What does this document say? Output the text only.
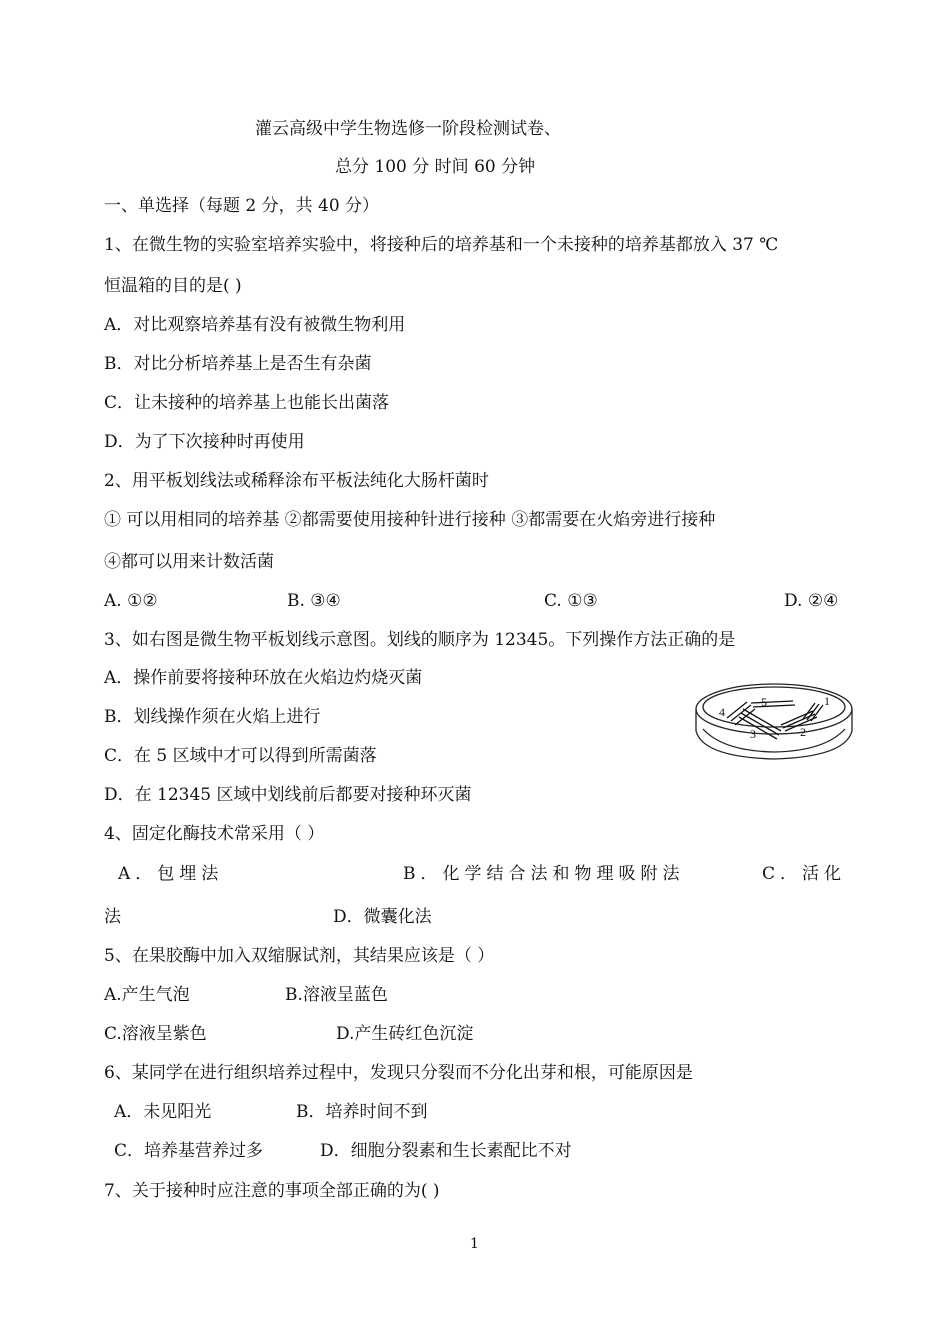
灌云高级中学生物选修一阶段检测试卷、
总分 100 分 时间 60 分钟
一、单选择（每题 2 分，共 40 分）
1、在微生物的实验室培养实验中，将接种后的培养基和一个未接种的培养基都放入 37 ℃
恒温箱的目的是( )
A．对比观察培养基有没有被微生物利用
B．对比分析培养基上是否生有杂菌
C．让未接种的培养基上也能长出菌落
D．为了下次接种时再使用
2、用平板划线法或稀释涂布平板法纯化大肠杆菌时
① 可以用相同的培养基 ②都需要使用接种针进行接种 ③都需要在火焰旁进行接种
④都可以用来计数活菌
A. ①②	B. ③④	C. ①③	D. ②④
3、如右图是微生物平板划线示意图。划线的顺序为 12345。下列操作方法正确的是
A．操作前要将接种环放在火焰边灼烧灭菌
B．划线操作须在火焰上进行
C．在 5 区域中才可以得到所需菌落
D．在 12345 区域中划线前后都要对接种环灭菌
1
2
3
4
5
4、固定化酶技术常采用（ ）
A．包埋法	B．化学结合法和物理吸附法	C．活化
法	D．微囊化法
5、在果胶酶中加入双缩脲试剂，其结果应该是（ ）
A.产生气泡	B.溶液呈蓝色
C.溶液呈紫色	D.产生砖红色沉淀
6、某同学在进行组织培养过程中，发现只分裂而不分化出芽和根，可能原因是
A．未见阳光	B．培养时间不到
C．培养基营养过多	D．细胞分裂素和生长素配比不对
7、关于接种时应注意的事项全部正确的为( )
1
